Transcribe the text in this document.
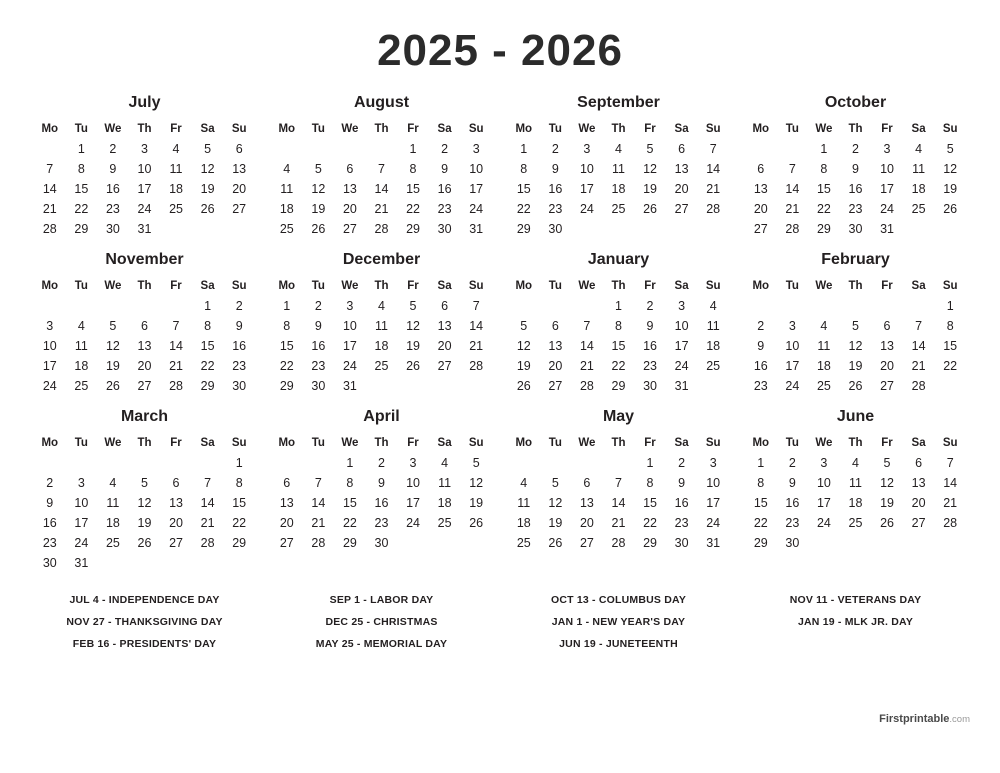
2025 - 2026
July
Mo	Tu	We	Th	Fr	Sa	Su
	1	2	3	4	5	6
7	8	9	10	11	12	13
14	15	16	17	18	19	20
21	22	23	24	25	26	27
28	29	30	31			
August
Mo	Tu	We	Th	Fr	Sa	Su
				1	2	3
4	5	6	7	8	9	10
11	12	13	14	15	16	17
18	19	20	21	22	23	24
25	26	27	28	29	30	31
September
Mo	Tu	We	Th	Fr	Sa	Su
1	2	3	4	5	6	7
8	9	10	11	12	13	14
15	16	17	18	19	20	21
22	23	24	25	26	27	28
29	30					
October
Mo	Tu	We	Th	Fr	Sa	Su
		1	2	3	4	5
6	7	8	9	10	11	12
13	14	15	16	17	18	19
20	21	22	23	24	25	26
27	28	29	30	31		
November
Mo	Tu	We	Th	Fr	Sa	Su
					1	2
3	4	5	6	7	8	9
10	11	12	13	14	15	16
17	18	19	20	21	22	23
24	25	26	27	28	29	30
December
Mo	Tu	We	Th	Fr	Sa	Su
1	2	3	4	5	6	7
8	9	10	11	12	13	14
15	16	17	18	19	20	21
22	23	24	25	26	27	28
29	30	31				
January
Mo	Tu	We	Th	Fr	Sa	Su
			1	2	3	4
5	6	7	8	9	10	11
12	13	14	15	16	17	18
19	20	21	22	23	24	25
26	27	28	29	30	31	
February
Mo	Tu	We	Th	Fr	Sa	Su
						1
2	3	4	5	6	7	8
9	10	11	12	13	14	15
16	17	18	19	20	21	22
23	24	25	26	27	28	
March
Mo	Tu	We	Th	Fr	Sa	Su
						1
2	3	4	5	6	7	8
9	10	11	12	13	14	15
16	17	18	19	20	21	22
23	24	25	26	27	28	29
30	31					
April
Mo	Tu	We	Th	Fr	Sa	Su
		1	2	3	4	5
6	7	8	9	10	11	12
13	14	15	16	17	18	19
20	21	22	23	24	25	26
27	28	29	30			
May
Mo	Tu	We	Th	Fr	Sa	Su
				1	2	3
4	5	6	7	8	9	10
11	12	13	14	15	16	17
18	19	20	21	22	23	24
25	26	27	28	29	30	31
June
Mo	Tu	We	Th	Fr	Sa	Su
1	2	3	4	5	6	7
8	9	10	11	12	13	14
15	16	17	18	19	20	21
22	23	24	25	26	27	28
29	30					
JUL 4 - INDEPENDENCE DAY
NOV 27 - THANKSGIVING DAY
FEB 16 - PRESIDENTS' DAY
SEP 1 - LABOR DAY
DEC 25 - CHRISTMAS
MAY 25 - MEMORIAL DAY
OCT 13 - COLUMBUS DAY
JAN 1 - NEW YEAR'S DAY
JUN 19 - JUNETEENTH
NOV 11 - VETERANS DAY
JAN 19 - MLK JR. DAY
Firstprintable.com
